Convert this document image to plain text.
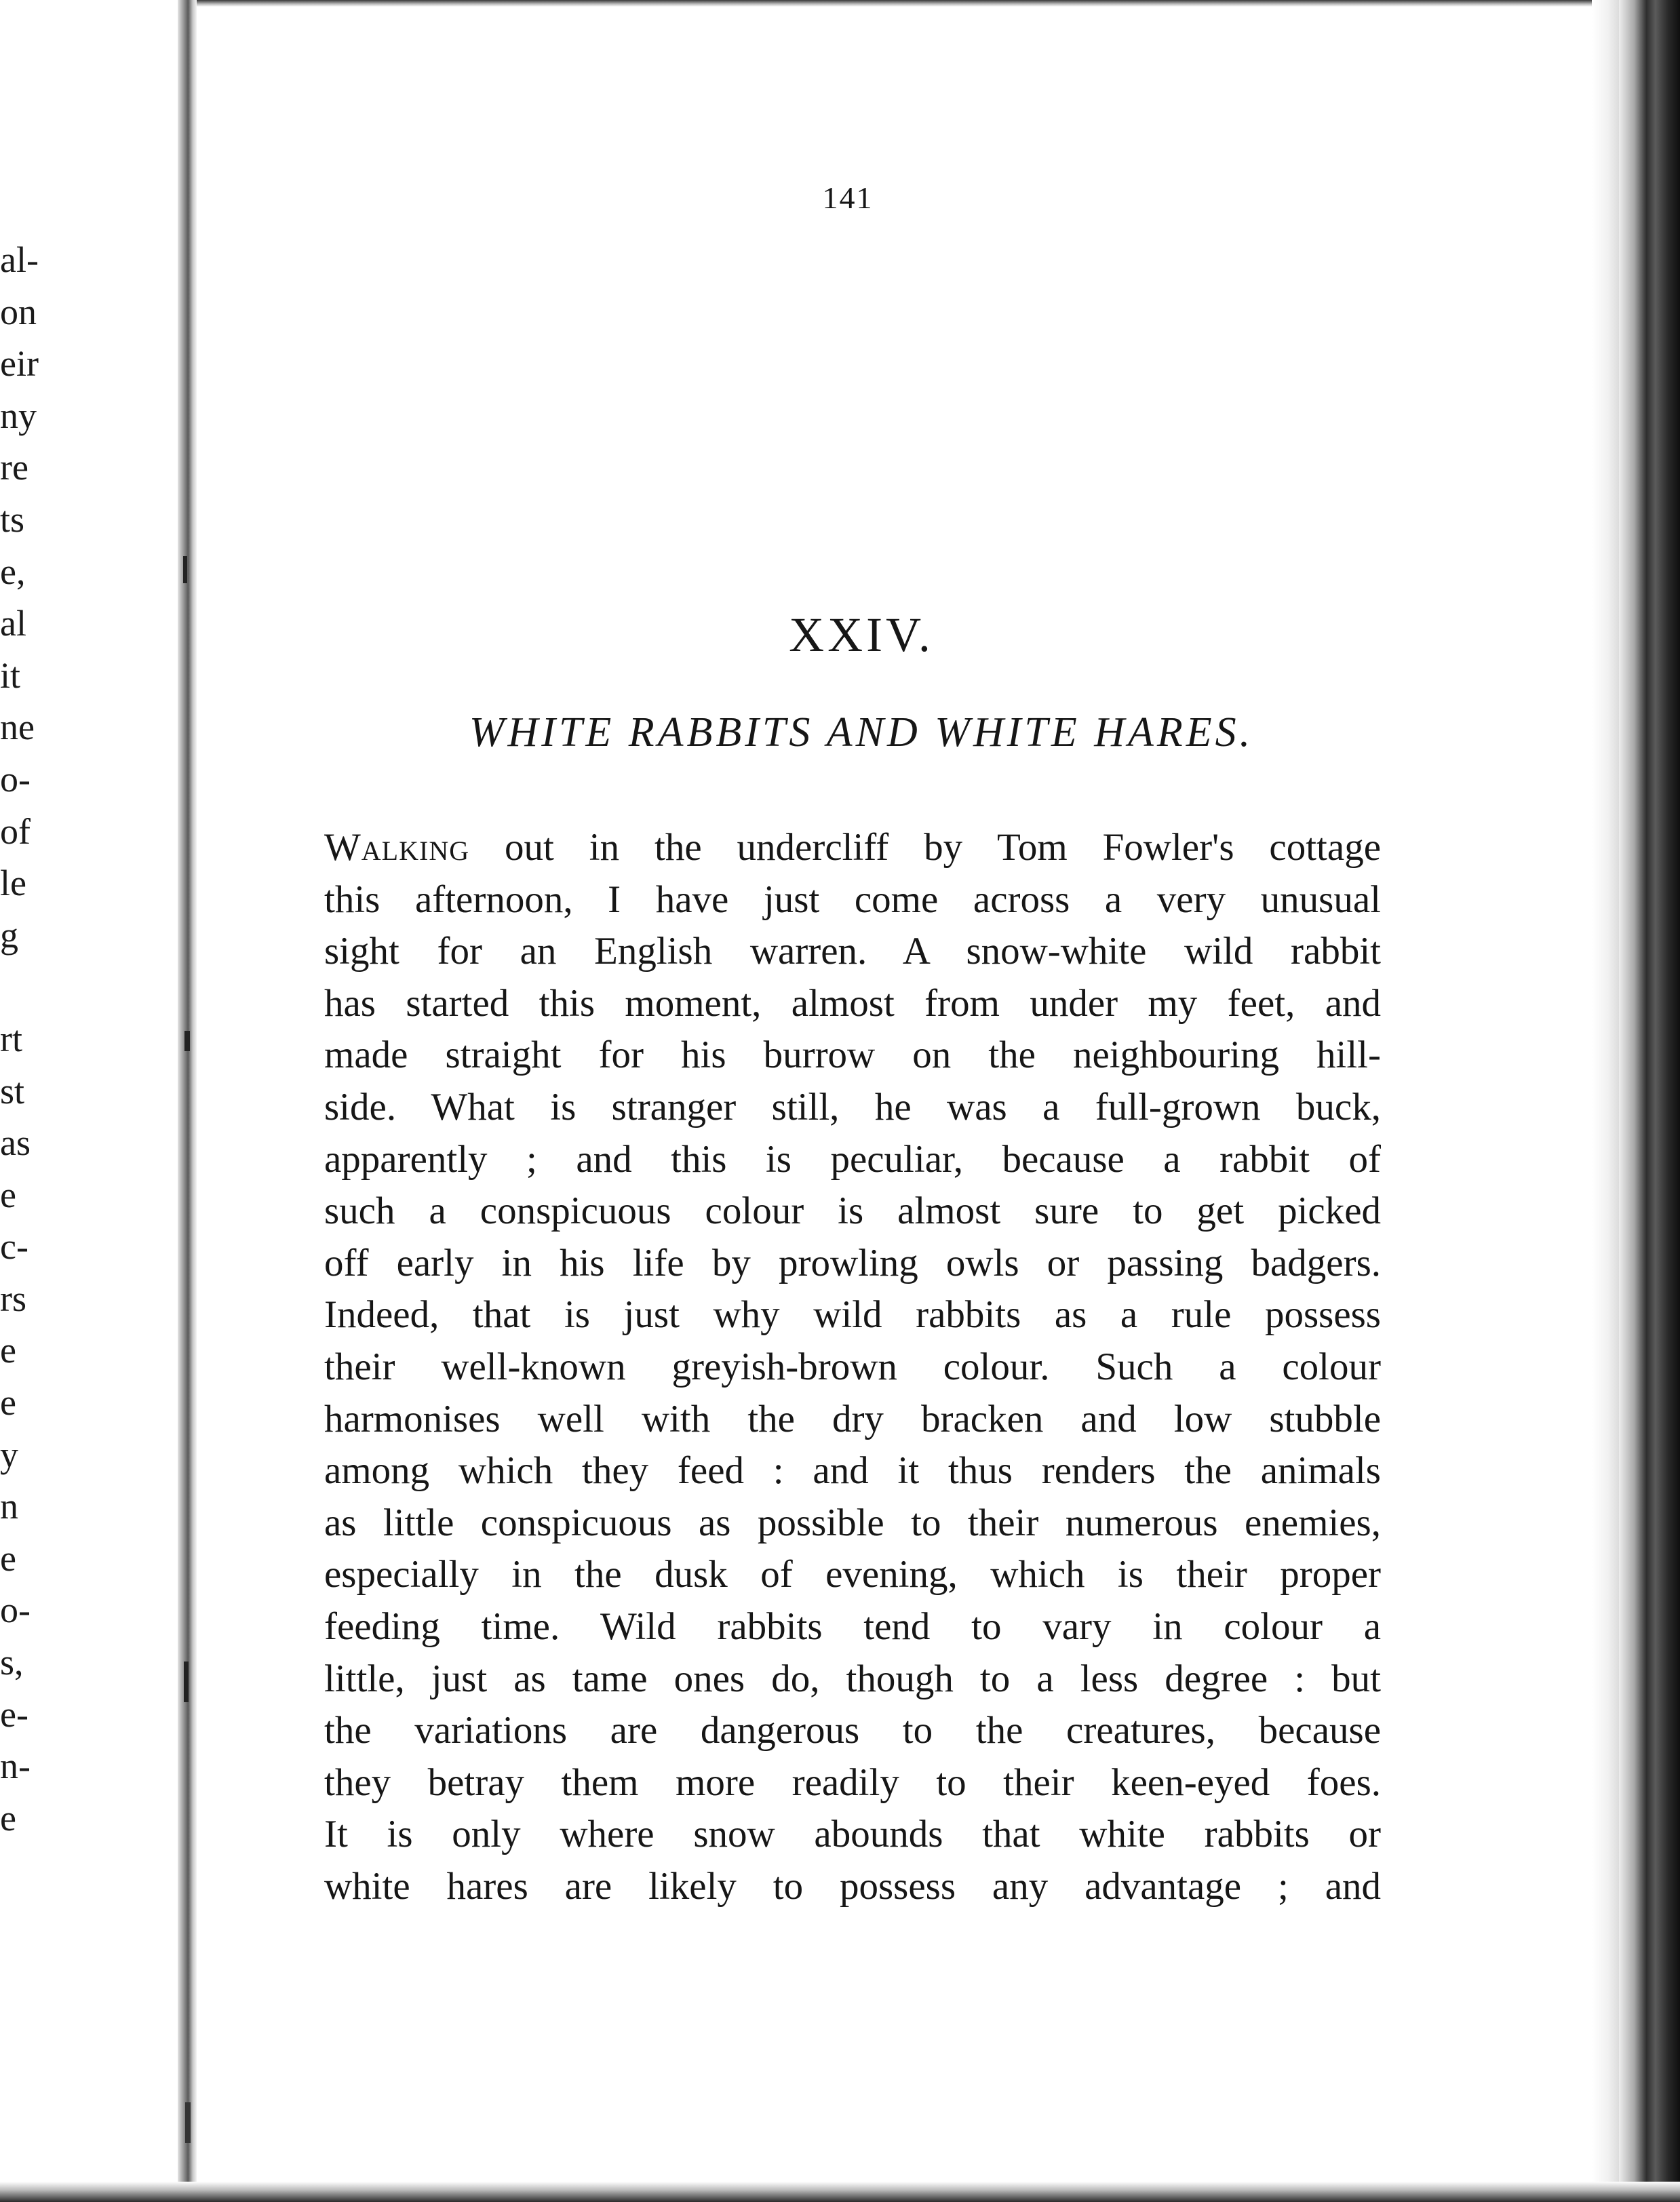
al-
on
eir
ny
re
ts
e,
al
it
ne
o-
of
le
g
rt
st
as
e
c-
rs
e
e
y
n
e
o-
s,
e-
n-
e
141
XXIV.
WHITE RABBITS AND WHITE HARES.
Walking out in the undercliff by Tom Fowler's cottage
this afternoon, I have just come across a very unusual
sight for an English warren. A snow-white wild rabbit
has started this moment, almost from under my feet, and
made straight for his burrow on the neighbouring hill-
side. What is stranger still, he was a full-grown buck,
apparently ; and this is peculiar, because a rabbit of
such a conspicuous colour is almost sure to get picked
off early in his life by prowling owls or passing badgers.
Indeed, that is just why wild rabbits as a rule possess
their well-known greyish-brown colour. Such a colour
harmonises well with the dry bracken and low stubble
among which they feed : and it thus renders the animals
as little conspicuous as possible to their numerous enemies,
especially in the dusk of evening, which is their proper
feeding time. Wild rabbits tend to vary in colour a
little, just as tame ones do, though to a less degree : but
the variations are dangerous to the creatures, because
they betray them more readily to their keen-eyed foes.
It is only where snow abounds that white rabbits or
white hares are likely to possess any advantage ; and
